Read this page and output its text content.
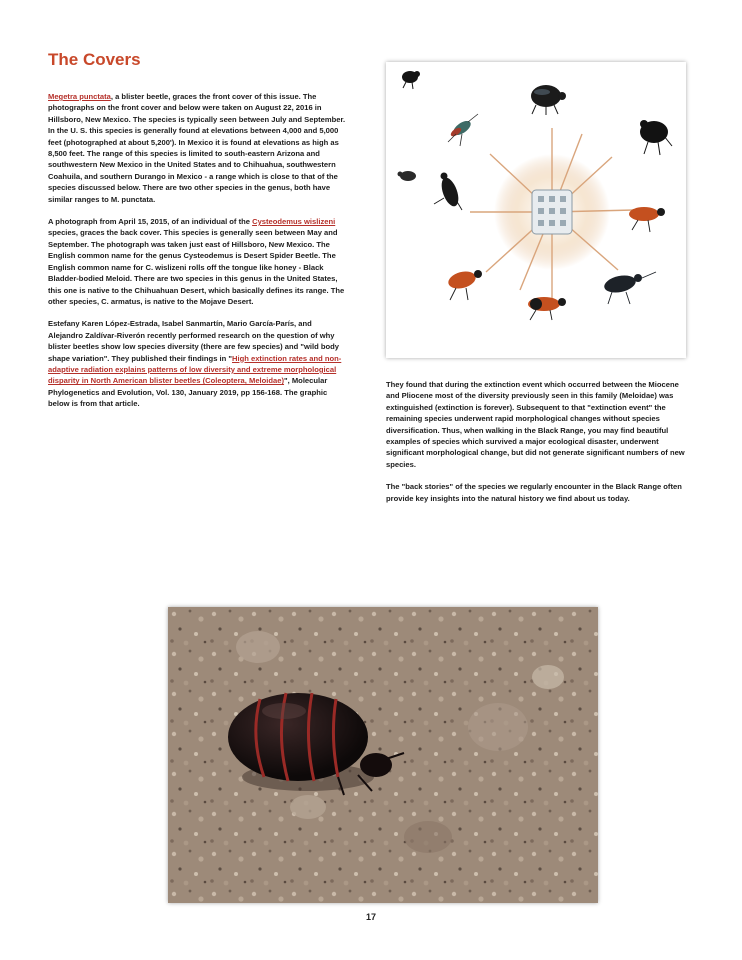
The Covers

Megetra punctata, a blister beetle, graces the front cover of this issue. The photographs on the front cover and below were taken on August 22, 2016 in Hillsboro, New Mexico. The species is typically seen between July and September. In the U. S. this species is generally found at elevations between 4,000 and 5,000 feet (photographed at about 5,200'). In Mexico it is found at elevations as high as 8,500 feet. The range of this species is limited to south-eastern Arizona and southwestern New Mexico in the United States and to Chihuahua, southwestern Coahuila, and southern Durango in Mexico - a range which is close to that of the species discussed below. There are two other species in the genus, both have similar ranges to M. punctata.

A photograph from April 15, 2015, of an individual of the Cysteodemus wislizeni species, graces the back cover. This species is generally seen between May and September. The photograph was taken just east of Hillsboro, New Mexico. The English common name for the genus Cysteodemus is Desert Spider Beetle. The English common name for C. wislizeni rolls off the tongue like honey - Black Bladder-bodied Meloid. There are two species in this genus in the United States, this one is native to the Chihuahuan Desert, which basically defines its range. The other species, C. armatus, is native to the Mojave Desert.

Estefany Karen López-Estrada, Isabel Sanmartín, Mario García-París, and Alejandro Zaldívar-Riverón recently performed research on the question of why blister beetles show low species diversity (there are few species) and "wild body shape variation". They published their findings in "High extinction rates and non-adaptive radiation explains patterns of low diversity and extreme morphological disparity in North American blister beetles (Coleoptera, Meloidae)", Molecular Phylogenetics and Evolution, Vol. 130, January 2019, pp 156-168. The graphic below is from that article.

They found that during the extinction event which occurred between the Miocene and Pliocene most of the diversity previously seen in this family (Meloidae) was extinguished (extinction is forever). Subsequent to that "extinction event" the remaining species underwent rapid morphological changes without species diversification. Thus, when walking in the Black Range, you may find beautiful examples of species which survived a major ecological disaster, underwent significant morphological change, but did not generate significant numbers of new species.

The "back stories" of the species we regularly encounter in the Black Range often provide key insights into the natural history we find about us today.

17
